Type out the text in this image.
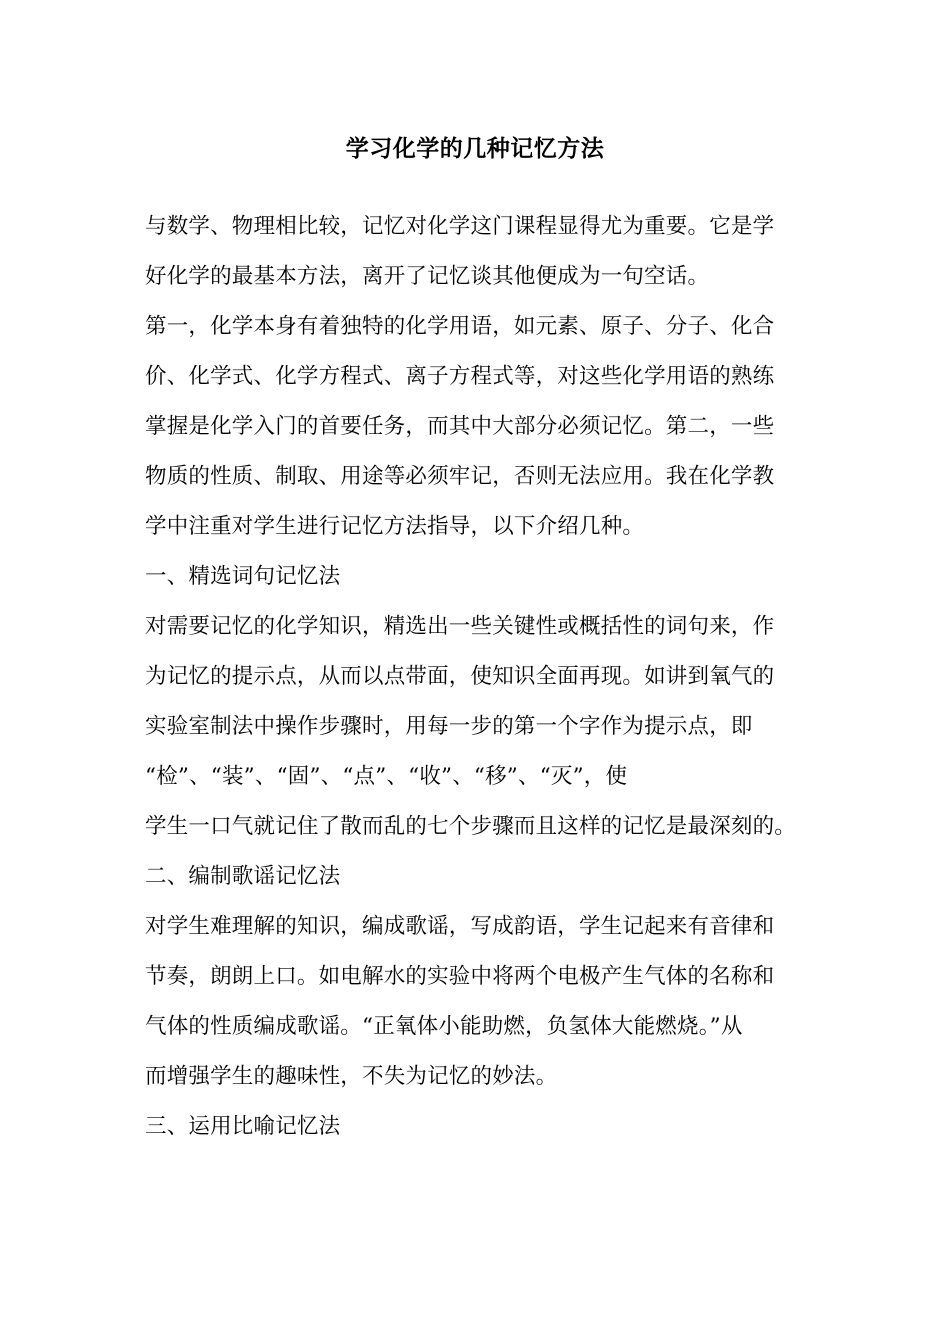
学习化学的几种记忆方法
与数学、物理相比较，记忆对化学这门课程显得尤为重要。它是学
好化学的最基本方法，离开了记忆谈其他便成为一句空话。
第一，化学本身有着独特的化学用语，如元素、原子、分子、化合
价、化学式、化学方程式、离子方程式等，对这些化学用语的熟练
掌握是化学入门的首要任务，而其中大部分必须记忆。第二，一些
物质的性质、制取、用途等必须牢记，否则无法应用。我在化学教
学中注重对学生进行记忆方法指导，以下介绍几种。
一、精选词句记忆法
对需要记忆的化学知识，精选出一些关键性或概括性的词句来，作
为记忆的提示点，从而以点带面，使知识全面再现。如讲到氧气的
实验室制法中操作步骤时，用每一步的第一个字作为提示点，即
“检”、“装”、“固”、“点”、“收”、“移”、“灭”，使
学生一口气就记住了散而乱的七个步骤而且这样的记忆是最深刻的。
二、编制歌谣记忆法
对学生难理解的知识，编成歌谣，写成韵语，学生记起来有音律和
节奏，朗朗上口。如电解水的实验中将两个电极产生气体的名称和
气体的性质编成歌谣。“正氧体小能助燃，负氢体大能燃烧。”从
而增强学生的趣味性，不失为记忆的妙法。
三、运用比喻记忆法
